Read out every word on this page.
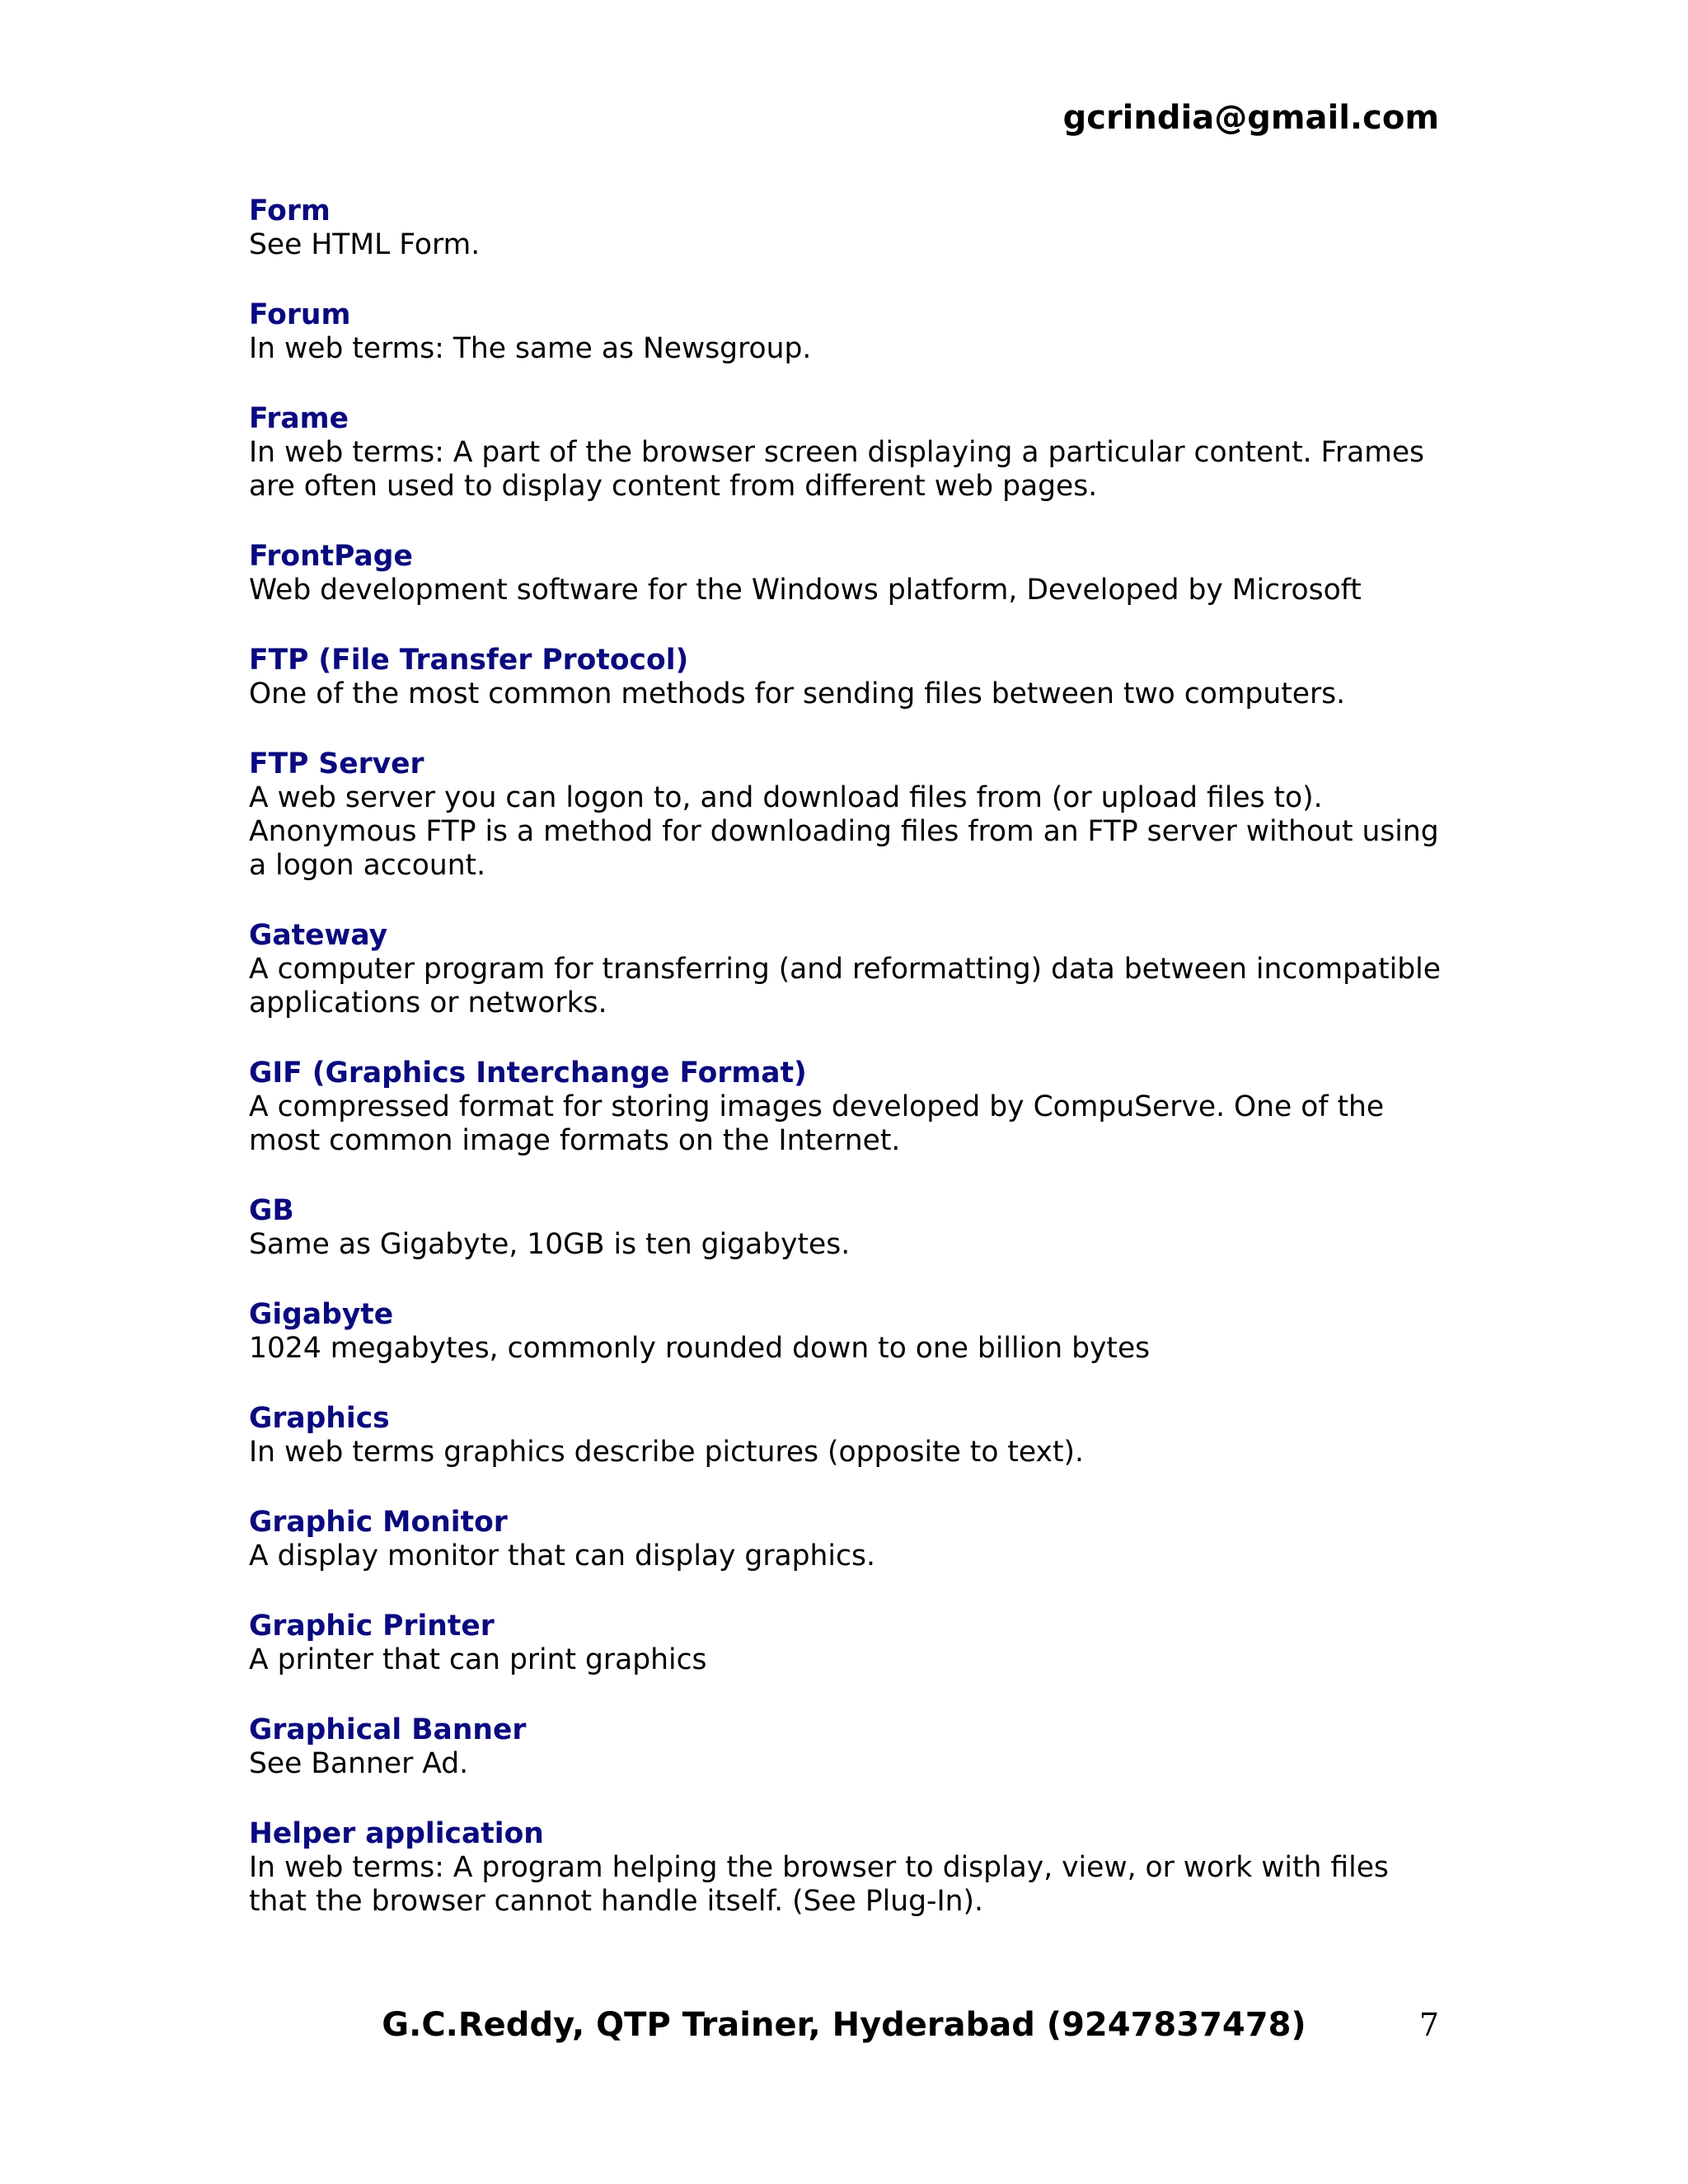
gcrindia@gmail.com
Form
See HTML Form.
Forum
In web terms: The same as Newsgroup.
Frame
In web terms: A part of the browser screen displaying a particular content. Frames are often used to display content from different web pages.
FrontPage
Web development software for the Windows platform, Developed by Microsoft
FTP (File Transfer Protocol)
One of the most common methods for sending files between two computers.
FTP Server
A web server you can logon to, and download files from (or upload files to). Anonymous FTP is a method for downloading files from an FTP server without using a logon account.
Gateway
A computer program for transferring (and reformatting) data between incompatible applications or networks.
GIF (Graphics Interchange Format)
A compressed format for storing images developed by CompuServe. One of the most common image formats on the Internet.
GB
Same as Gigabyte, 10GB is ten gigabytes.
Gigabyte
1024 megabytes, commonly rounded down to one billion bytes
Graphics
In web terms graphics describe pictures (opposite to text).
Graphic Monitor
A display monitor that can display graphics.
Graphic Printer
A printer that can print graphics
Graphical Banner
See Banner Ad.
Helper application
In web terms: A program helping the browser to display, view, or work with files that the browser cannot handle itself. (See Plug-In).
G.C.Reddy, QTP Trainer, Hyderabad (9247837478)	7
